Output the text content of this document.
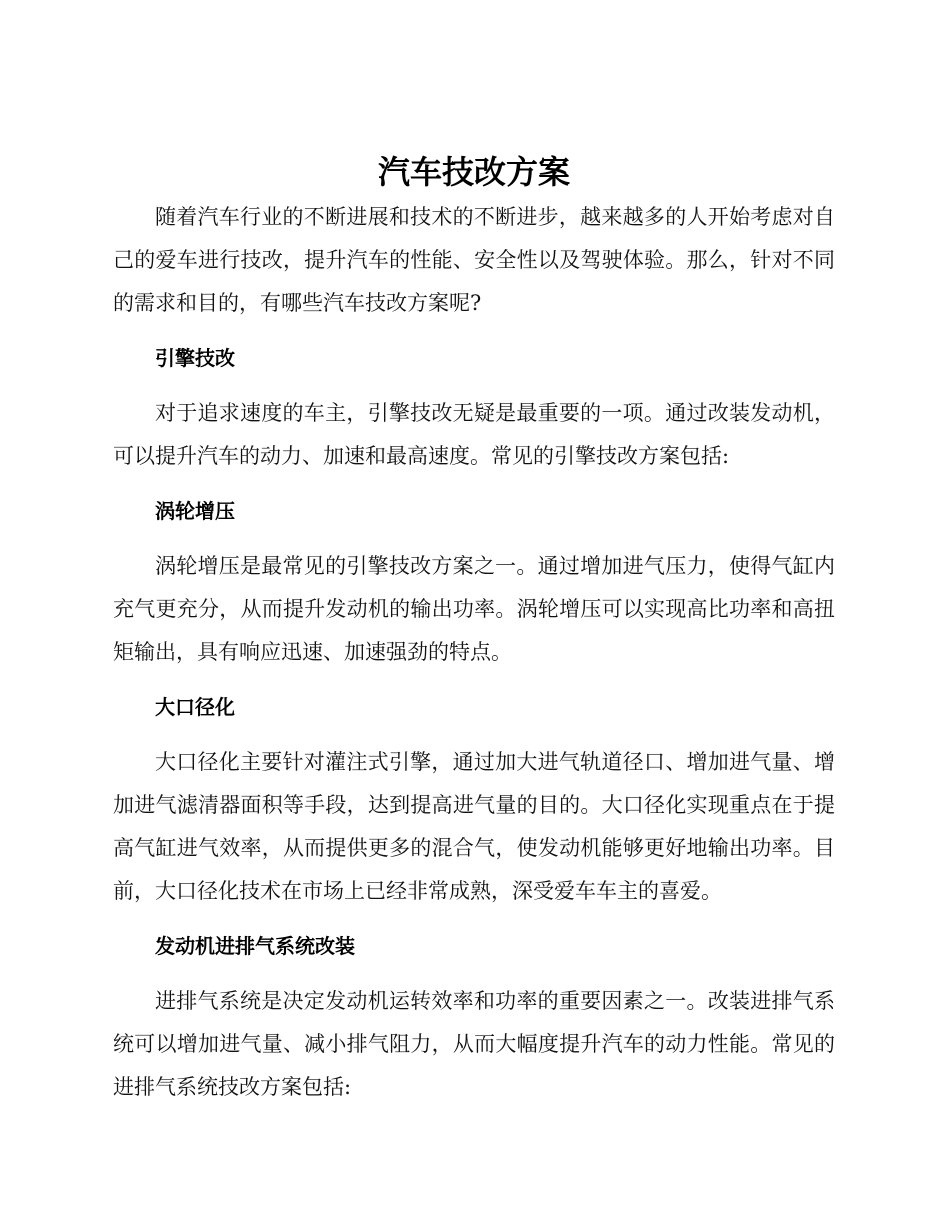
汽车技改方案

随着汽车行业的不断进展和技术的不断进步，越来越多的人开始考虑对自己的爱车进行技改，提升汽车的性能、安全性以及驾驶体验。那么，针对不同的需求和目的，有哪些汽车技改方案呢?

引擎技改

对于追求速度的车主，引擎技改无疑是最重要的一项。通过改装发动机，可以提升汽车的动力、加速和最高速度。常见的引擎技改方案包括:

涡轮增压

涡轮增压是最常见的引擎技改方案之一。通过增加进气压力，使得气缸内充气更充分，从而提升发动机的输出功率。涡轮增压可以实现高比功率和高扭矩输出，具有响应迅速、加速强劲的特点。

大口径化

大口径化主要针对灌注式引擎，通过加大进气轨道径口、增加进气量、增加进气滤清器面积等手段，达到提高进气量的目的。大口径化实现重点在于提高气缸进气效率，从而提供更多的混合气，使发动机能够更好地输出功率。目前，大口径化技术在市场上已经非常成熟，深受爱车车主的喜爱。

发动机进排气系统改装

进排气系统是决定发动机运转效率和功率的重要因素之一。改装进排气系统可以增加进气量、减小排气阻力，从而大幅度提升汽车的动力性能。常见的进排气系统技改方案包括:
